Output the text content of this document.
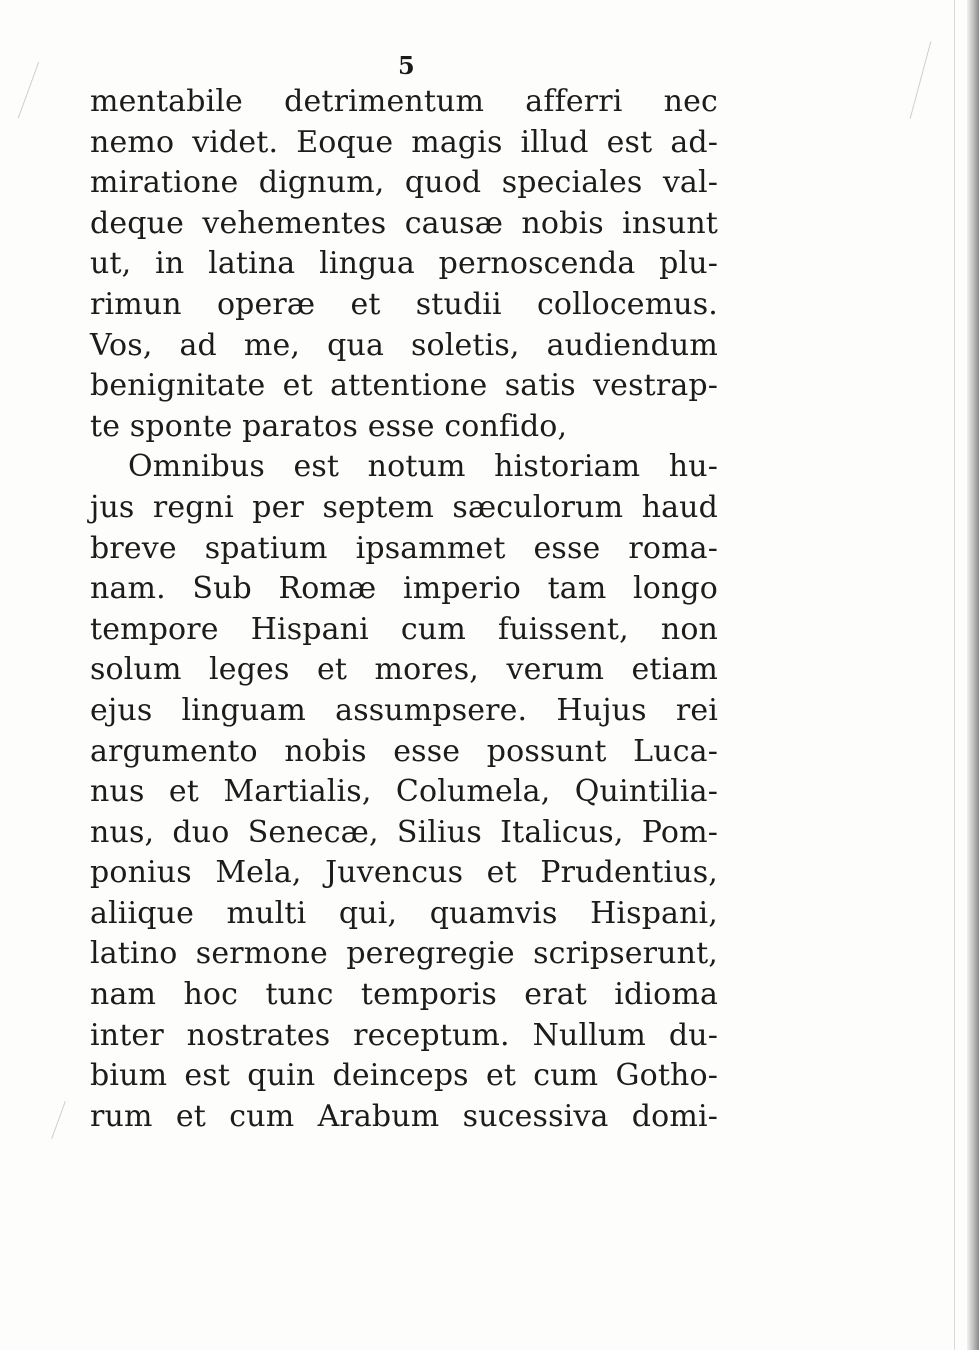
5
mentabile detrimentum afferri nec
nemo videt. Eoque magis illud est ad-
miratione dignum, quod speciales val-
deque vehementes causæ nobis insunt
ut, in latina lingua pernoscenda plu-
rimun operæ et studii collocemus.
Vos, ad me, qua soletis, audiendum
benignitate et attentione satis vestrap-
te sponte paratos esse confido,
Omnibus est notum historiam hu-
jus regni per septem sæculorum haud
breve spatium ipsammet esse roma-
nam. Sub Romæ imperio tam longo
tempore Hispani cum fuissent, non
solum leges et mores, verum etiam
ejus linguam assumpsere. Hujus rei
argumento nobis esse possunt Luca-
nus et Martialis, Columela, Quintilia-
nus, duo Senecæ, Silius Italicus, Pom-
ponius Mela, Juvencus et Prudentius,
aliique multi qui, quamvis Hispani,
latino sermone peregregie scripserunt,
nam hoc tunc temporis erat idioma
inter nostrates receptum. Nullum du-
bium est quin deinceps et cum Gotho-
rum et cum Arabum sucessiva domi-
